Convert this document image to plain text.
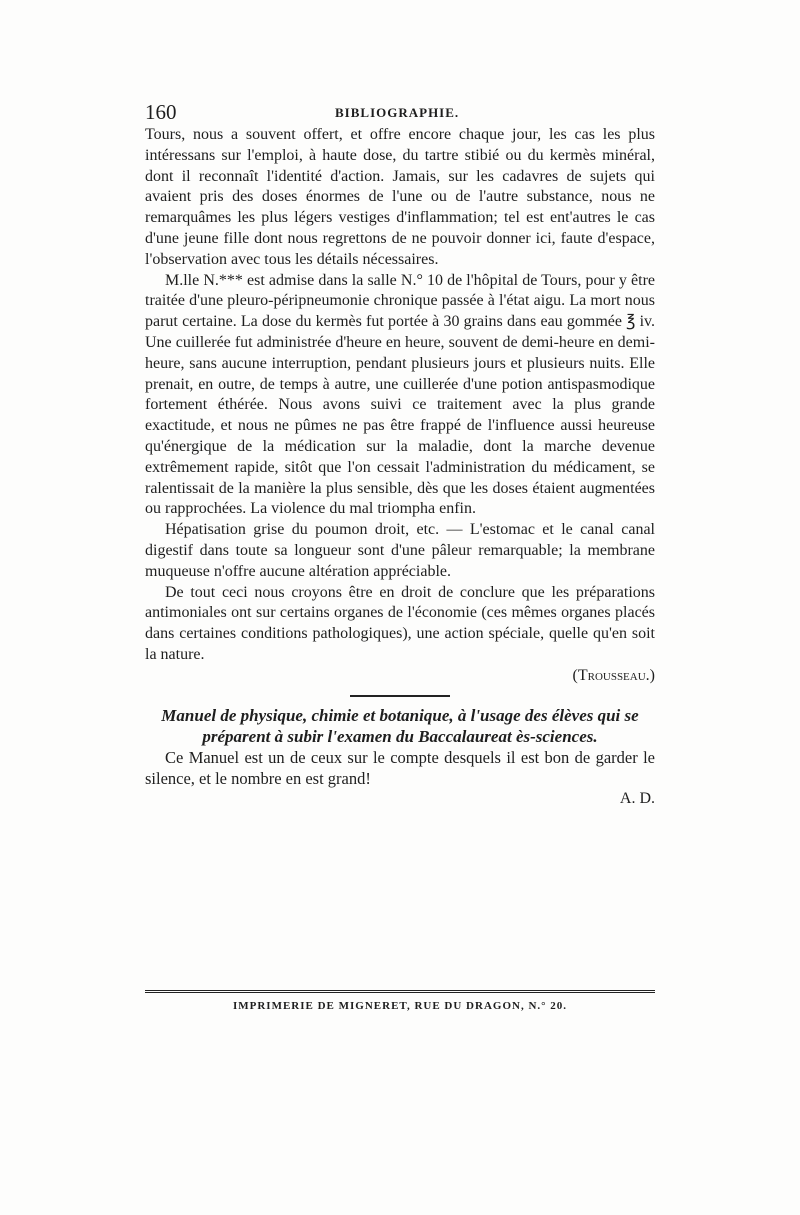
160	BIBLIOGRAPHIE.

Tours, nous a souvent offert, et offre encore chaque jour, les cas les plus intéressans sur l'emploi, à haute dose, du tartre stibié ou du kermès minéral, dont il reconnaît l'identité d'action. Jamais, sur les cadavres de sujets qui avaient pris des doses énormes de l'une ou de l'autre substance, nous ne remarquâmes les plus légers vestiges d'inflammation; tel est ent'autres le cas d'une jeune fille dont nous regrettons de ne pouvoir donner ici, faute d'espace, l'observation avec tous les détails nécessaires.

M.lle N.*** est admise dans la salle N.° 10 de l'hôpital de Tours, pour y être traitée d'une pleuro-péripneumonie chronique passée à l'état aigu. La mort nous parut certaine. La dose du kermès fut portée à 30 grains dans eau gommée ℥ iv. Une cuillerée fut administrée d'heure en heure, souvent de demi-heure en demi-heure, sans aucune interruption, pendant plusieurs jours et plusieurs nuits. Elle prenait, en outre, de temps à autre, une cuillerée d'une potion antispasmodique fortement éthérée. Nous avons suivi ce traitement avec la plus grande exactitude, et nous ne pûmes ne pas être frappé de l'influence aussi heureuse qu'énergique de la médication sur la maladie, dont la marche devenue extrêmement rapide, sitôt que l'on cessait l'administration du médicament, se ralentissait de la manière la plus sensible, dès que les doses étaient augmentées ou rapprochées. La violence du mal triompha enfin.

Hépatisation grise du poumon droit, etc. — L'estomac et le canal canal digestif dans toute sa longueur sont d'une pâleur remarquable; la membrane muqueuse n'offre aucune altération appréciable.

De tout ceci nous croyons être en droit de conclure que les préparations antimoniales ont sur certains organes de l'économie (ces mêmes organes placés dans certaines conditions pathologiques), une action spéciale, quelle qu'en soit la nature.

(Trousseau.)

Manuel de physique, chimie et botanique, à l'usage des élèves qui se préparent à subir l'examen du Baccalaureat ès-sciences.

Ce Manuel est un de ceux sur le compte desquels il est bon de garder le silence, et le nombre en est grand!

A. D.
IMPRIMERIE DE MIGNERET, RUE DU DRAGON, N.° 20.
